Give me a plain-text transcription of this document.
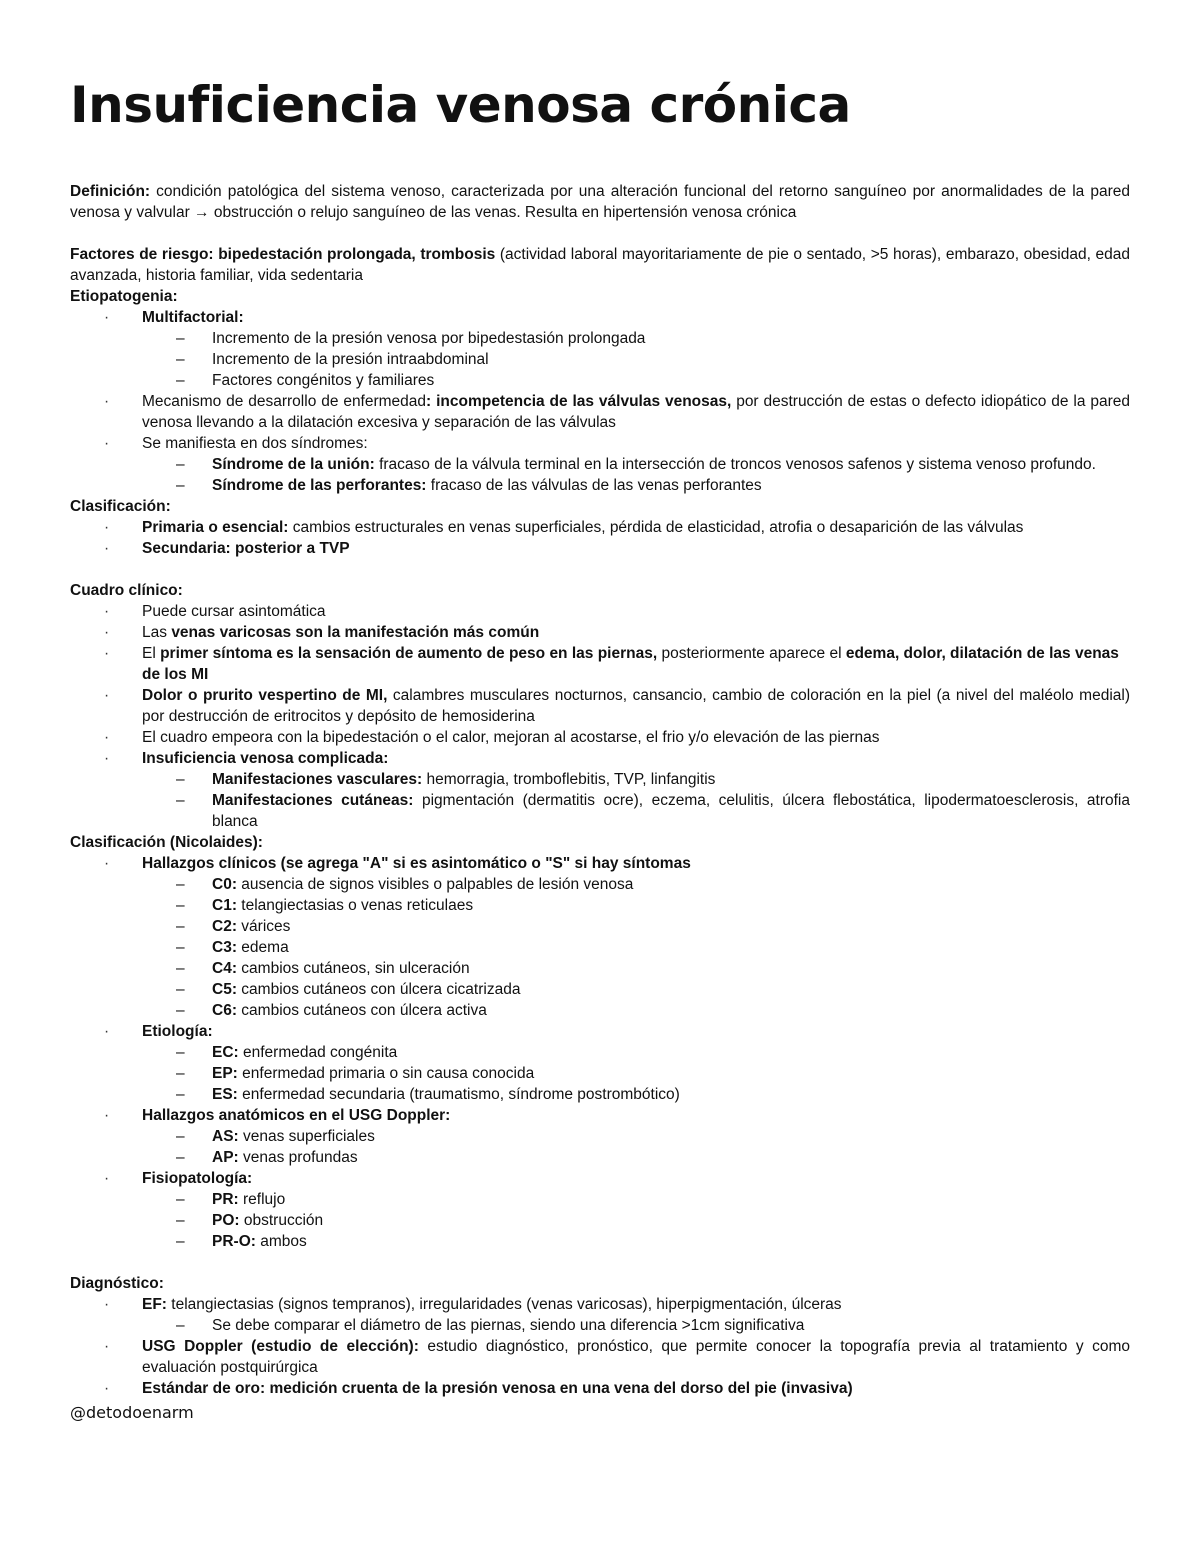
Insuficiencia venosa crónica

Definición: condición patológica del sistema venoso, caracterizada por una alteración funcional del retorno sanguíneo por anormalidades de la pared venosa y valvular → obstrucción o relujo sanguíneo de las venas. Resulta en hipertensión venosa crónica

Factores de riesgo: bipedestación prolongada, trombosis (actividad laboral mayoritariamente de pie o sentado, >5 horas), embarazo, obesidad, edad avanzada, historia familiar, vida sedentaria

Etiopatogenia:

· Multifactorial:
– Incremento de la presión venosa por bipedestasión prolongada
– Incremento de la presión intraabdominal
– Factores congénitos y familiares
· Mecanismo de desarrollo de enfermedad: incompetencia de las válvulas venosas, por destrucción de estas o defecto idiopático de la pared venosa llevando a la dilatación excesiva y separación de las válvulas
· Se manifiesta en dos síndromes:
– Síndrome de la unión: fracaso de la válvula terminal en la intersección de troncos venosos safenos y sistema venoso profundo.
– Síndrome de las perforantes: fracaso de las válvulas de las venas perforantes

Clasificación:

· Primaria o esencial: cambios estructurales en venas superficiales, pérdida de elasticidad, atrofia o desaparición de las válvulas
· Secundaria: posterior a TVP

Cuadro clínico:

· Puede cursar asintomática
· Las venas varicosas son la manifestación más común
· El primer síntoma es la sensación de aumento de peso en las piernas, posteriormente aparece el edema, dolor, dilatación de las venas de los MI
· Dolor o prurito vespertino de MI, calambres musculares nocturnos, cansancio, cambio de coloración en la piel (a nivel del maléolo medial) por destrucción de eritrocitos y depósito de hemosiderina
· El cuadro empeora con la bipedestación o el calor, mejoran al acostarse, el frio y/o elevación de las piernas
· Insuficiencia venosa complicada:
– Manifestaciones vasculares: hemorragia, tromboflebitis, TVP, linfangitis
– Manifestaciones cutáneas: pigmentación (dermatitis ocre), eczema, celulitis, úlcera flebostática, lipodermatoesclerosis, atrofia blanca

Clasificación (Nicolaides):

· Hallazgos clínicos (se agrega "A" si es asintomático o "S" si hay síntomas
– C0: ausencia de signos visibles o palpables de lesión venosa
– C1: telangiectasias o venas reticulaes
– C2: várices
– C3: edema
– C4: cambios cutáneos, sin ulceración
– C5: cambios cutáneos con úlcera cicatrizada
– C6: cambios cutáneos con úlcera activa
· Etiología:
– EC: enfermedad congénita
– EP: enfermedad primaria o sin causa conocida
– ES: enfermedad secundaria (traumatismo, síndrome postrombótico)
· Hallazgos anatómicos en el USG Doppler:
– AS: venas superficiales
– AP: venas profundas
· Fisiopatología:
– PR: reflujo
– PO: obstrucción
– PR-O: ambos

Diagnóstico:

· EF: telangiectasias (signos tempranos), irregularidades (venas varicosas), hiperpigmentación, úlceras
– Se debe comparar el diámetro de las piernas, siendo una diferencia >1cm significativa
· USG Doppler (estudio de elección): estudio diagnóstico, pronóstico, que permite conocer la topografía previa al tratamiento y como evaluación postquirúrgica
· Estándar de oro: medición cruenta de la presión venosa en una vena del dorso del pie (invasiva)
@detodoenarm
